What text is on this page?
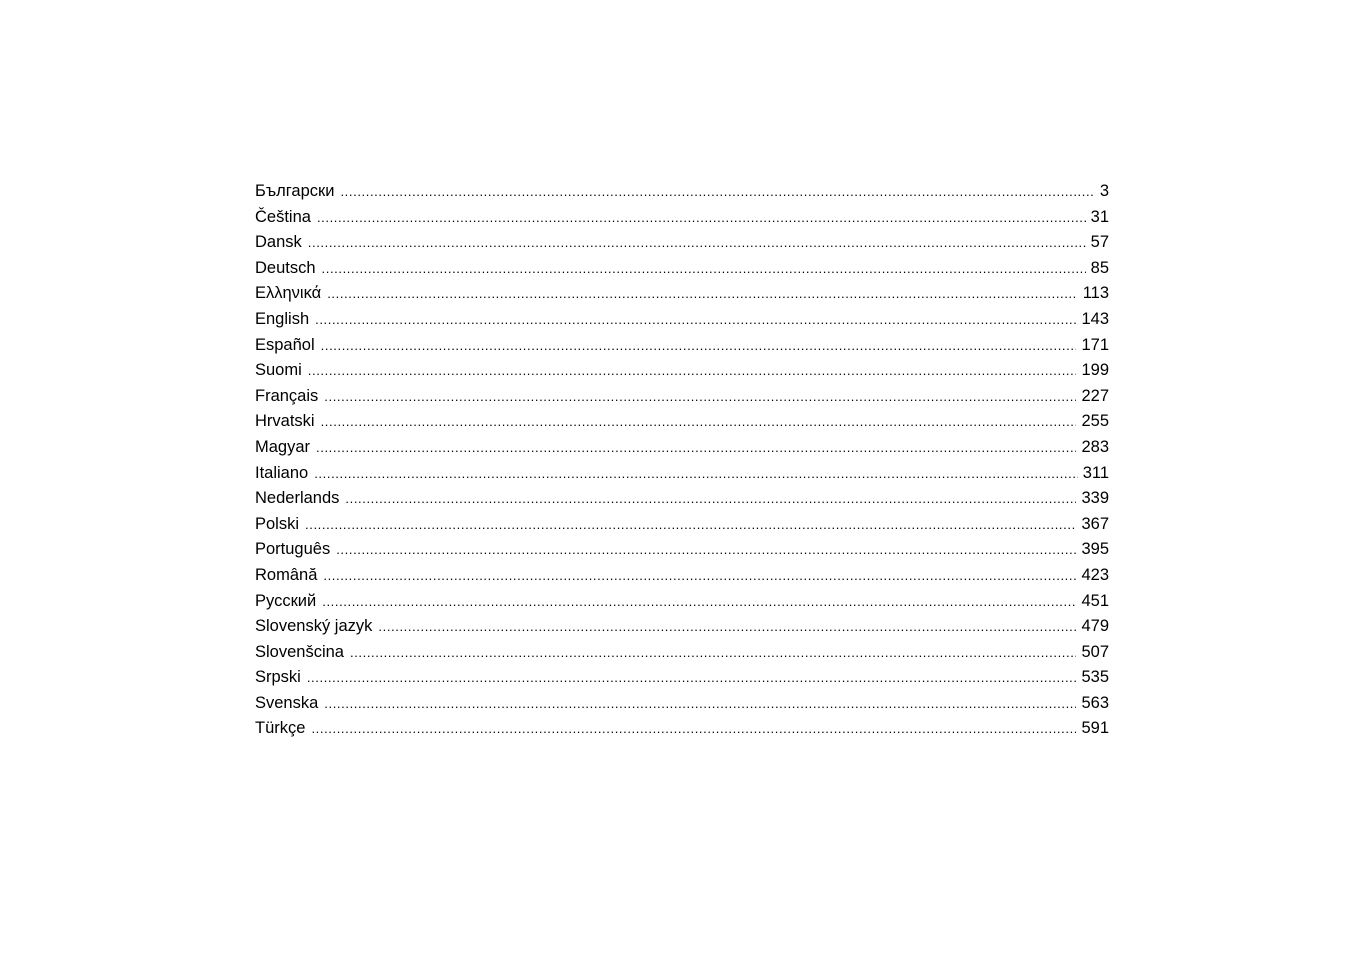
Български .....	3
Čeština .....	31
Dansk .....	57
Deutsch .....	85
Ελληνικά .....	113
English .....	143
Español .....	171
Suomi .....	199
Français .....	227
Hrvatski .....	255
Magyar .....	283
Italiano .....	311
Nederlands .....	339
Polski .....	367
Português .....	395
Română .....	423
Русский .....	451
Slovenský jazyk .....	479
Slovenšcina .....	507
Srpski .....	535
Svenska .....	563
Türkçe .....	591
